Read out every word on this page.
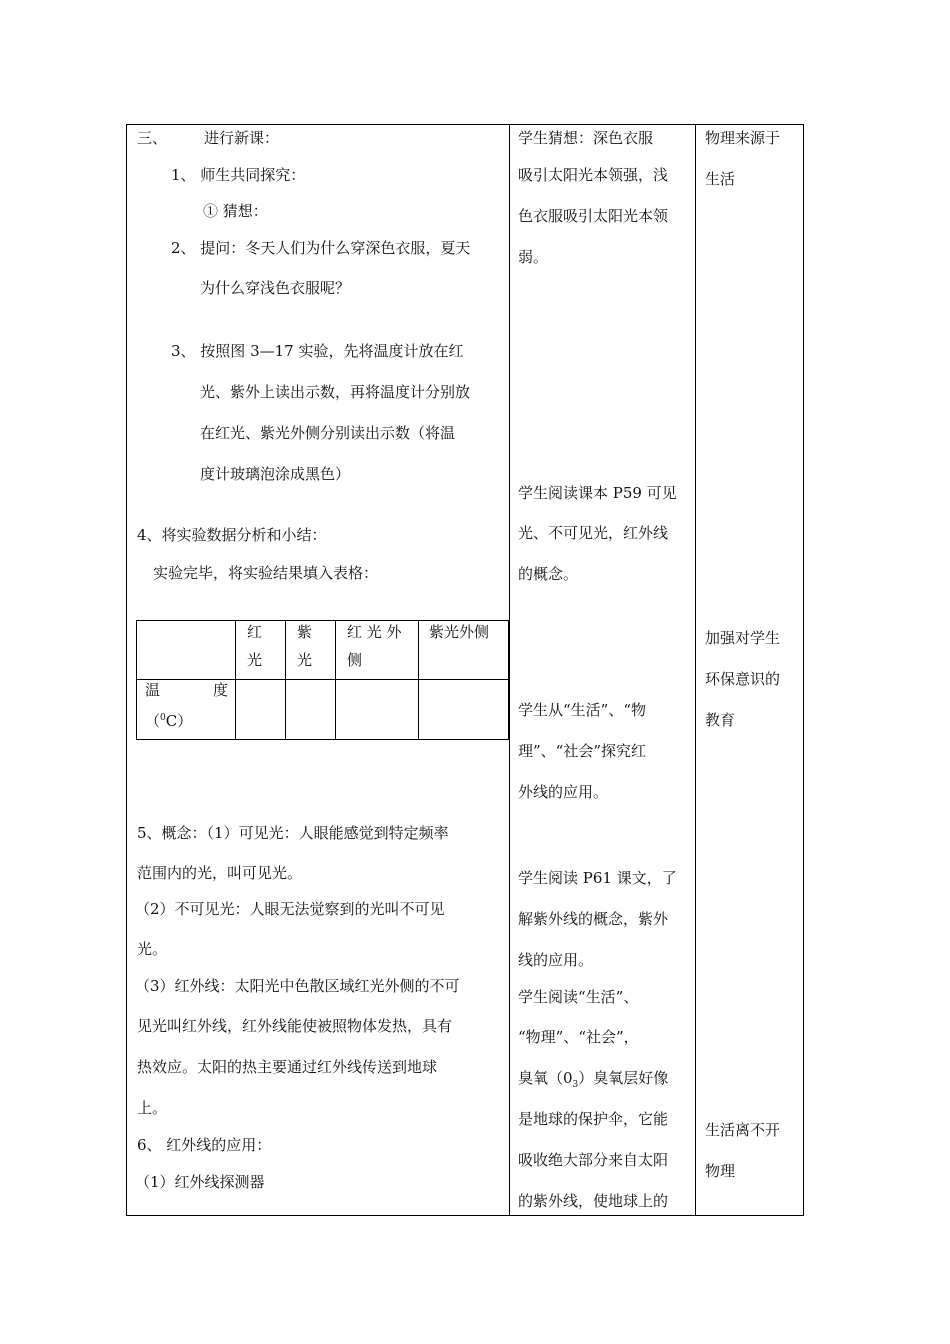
三、 进行新课：
1、 师生共同探究：
① 猜想：
2、 提问：冬天人们为什么穿深色衣服，夏天
为什么穿浅色衣服呢？
3、 按照图 3—17 实验，先将温度计放在红
光、紫外上读出示数，再将温度计分别放
在红光、紫光外侧分别读出示数（将温
度计玻璃泡涂成黑色）
4、将实验数据分析和小结：
实验完毕，将实验结果填入表格：
红
光
紫
光
红 光 外
侧
紫光外侧
温	度
（$^0$C）
5、概念：（1）可见光：人眼能感觉到特定频率
范围内的光，叫可见光。
（2）不可见光：人眼无法觉察到的光叫不可见
光。
（3）红外线：太阳光中色散区域红光外侧的不可
见光叫红外线，红外线能使被照物体发热，具有
热效应。太阳的热主要通过红外线传送到地球
上。
6、 红外线的应用：
（1）红外线探测器
学生猜想：深色衣服
吸引太阳光本领强，浅
色衣服吸引太阳光本领
弱。
学生阅读课本 P59 可见
光、不可见光，红外线
的概念。
学生从“生活”、“物
理”、“社会”探究红
外线的应用。
学生阅读 P61 课文，了
解紫外线的概念，紫外
线的应用。
学生阅读“生活”、
“物理”、“社会”，
臭氧$(0_3)$臭氧层好像
是地球的保护伞，它能
吸收绝大部分来自太阳
的紫外线，使地球上的
物理来源于
生活
加强对学生
环保意识的
教育
生活离不开
物理
